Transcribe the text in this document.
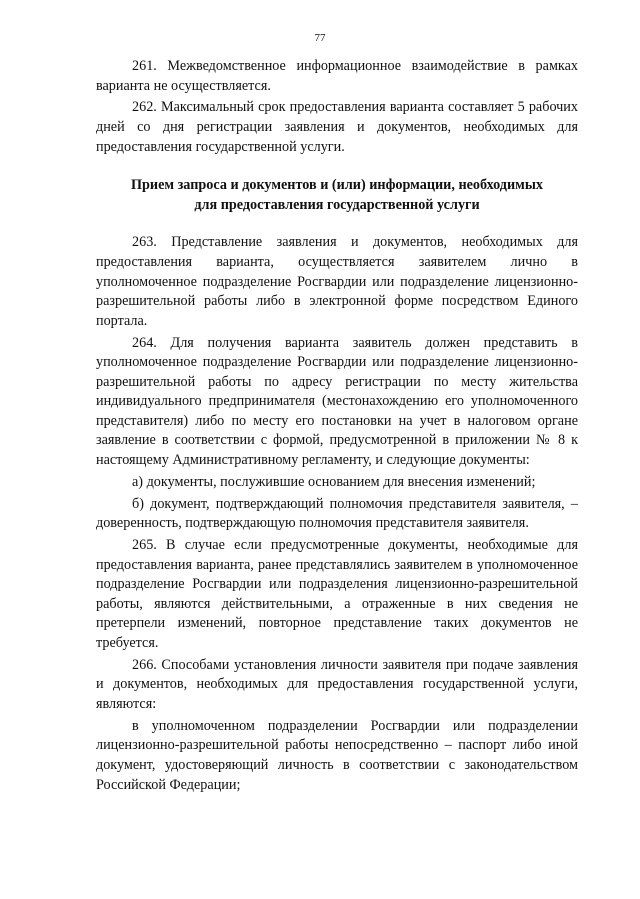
77

261. Межведомственное информационное взаимодействие в рамках варианта не осуществляется.

262. Максимальный срок предоставления варианта составляет 5 рабочих дней со дня регистрации заявления и документов, необходимых для предоставления государственной услуги.

Прием запроса и документов и (или) информации, необходимых
для предоставления государственной услуги

263. Представление заявления и документов, необходимых для предоставления варианта, осуществляется заявителем лично в уполномоченное подразделение Росгвардии или подразделение лицензионно-разрешительной работы либо в электронной форме посредством Единого портала.

264. Для получения варианта заявитель должен представить в уполномоченное подразделение Росгвардии или подразделение лицензионно-разрешительной работы по адресу регистрации по месту жительства индивидуального предпринимателя (местонахождению его уполномоченного представителя) либо по месту его постановки на учет в налоговом органе заявление в соответствии с формой, предусмотренной в приложении № 8 к настоящему Административному регламенту, и следующие документы:

а) документы, послужившие основанием для внесения изменений;

б) документ, подтверждающий полномочия представителя заявителя, – доверенность, подтверждающую полномочия представителя заявителя.

265. В случае если предусмотренные документы, необходимые для предоставления варианта, ранее представлялись заявителем в уполномоченное подразделение Росгвардии или подразделения лицензионно-разрешительной работы, являются действительными, а отраженные в них сведения не претерпели изменений, повторное представление таких документов не требуется.

266. Способами установления личности заявителя при подаче заявления и документов, необходимых для предоставления государственной услуги, являются:

в уполномоченном подразделении Росгвардии или подразделении лицензионно-разрешительной работы непосредственно – паспорт либо иной документ, удостоверяющий личность в соответствии с законодательством Российской Федерации;
